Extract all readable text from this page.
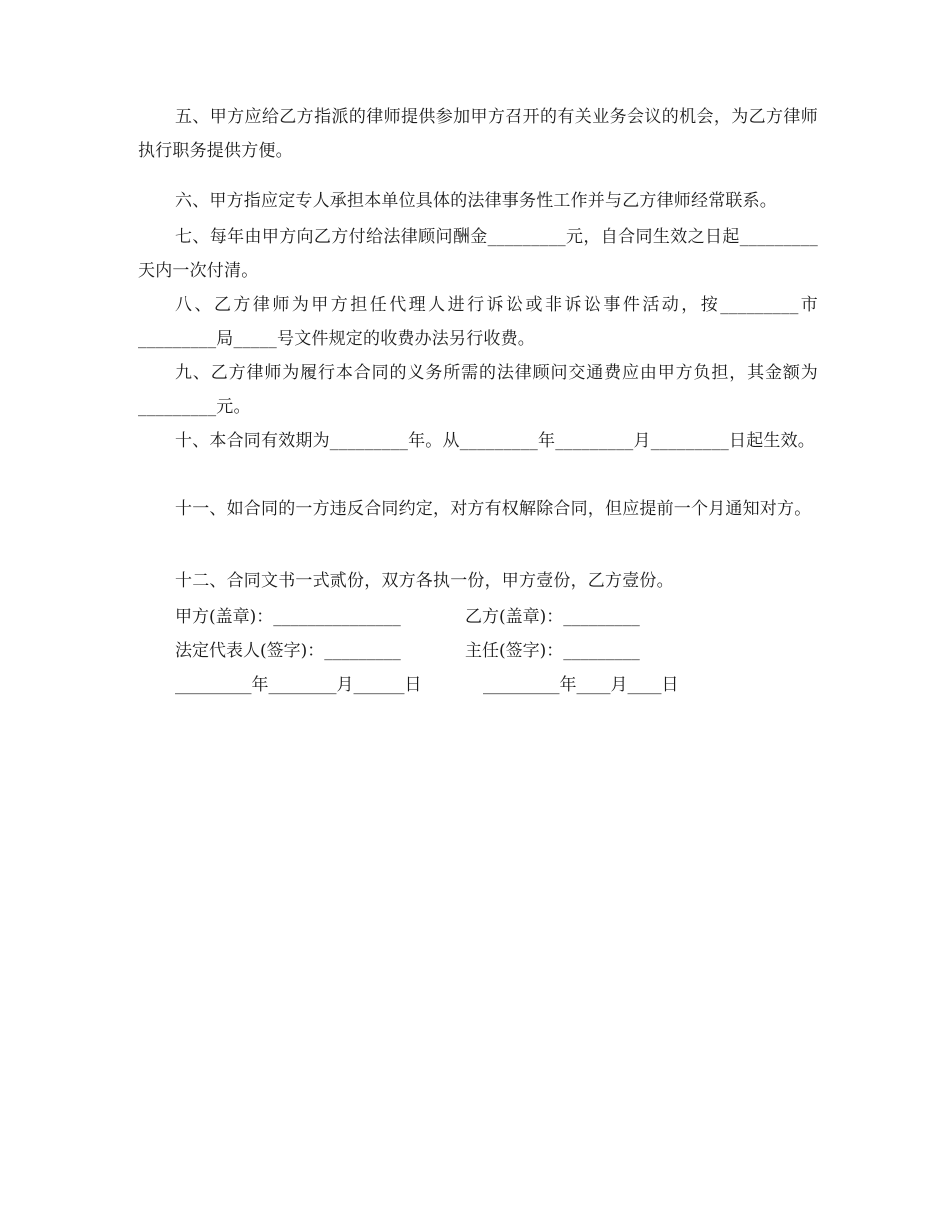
五、甲方应给乙方指派的律师提供参加甲方召开的有关业务会议的机会，为乙方律师执行职务提供方便。

六、甲方指应定专人承担本单位具体的法律事务性工作并与乙方律师经常联系。

七、每年由甲方向乙方付给法律顾问酬金_________元，自合同生效之日起_________天内一次付清。

八、乙方律师为甲方担任代理人进行诉讼或非诉讼事件活动，按_________市_________局_____号文件规定的收费办法另行收费。

九、乙方律师为履行本合同的义务所需的法律顾问交通费应由甲方负担，其金额为_________元。

十、本合同有效期为_________年。从_________年_________月_________日起生效。

十一、如合同的一方违反合同约定，对方有权解除合同，但应提前一个月通知对方。

十二、合同文书一式贰份，双方各执一份，甲方壹份，乙方壹份。

甲方(盖章)：_______________	乙方(盖章)：_________
法定代表人(签字)：_________	主任(签字)：_________
_________年________月______日	_________年____月____日
